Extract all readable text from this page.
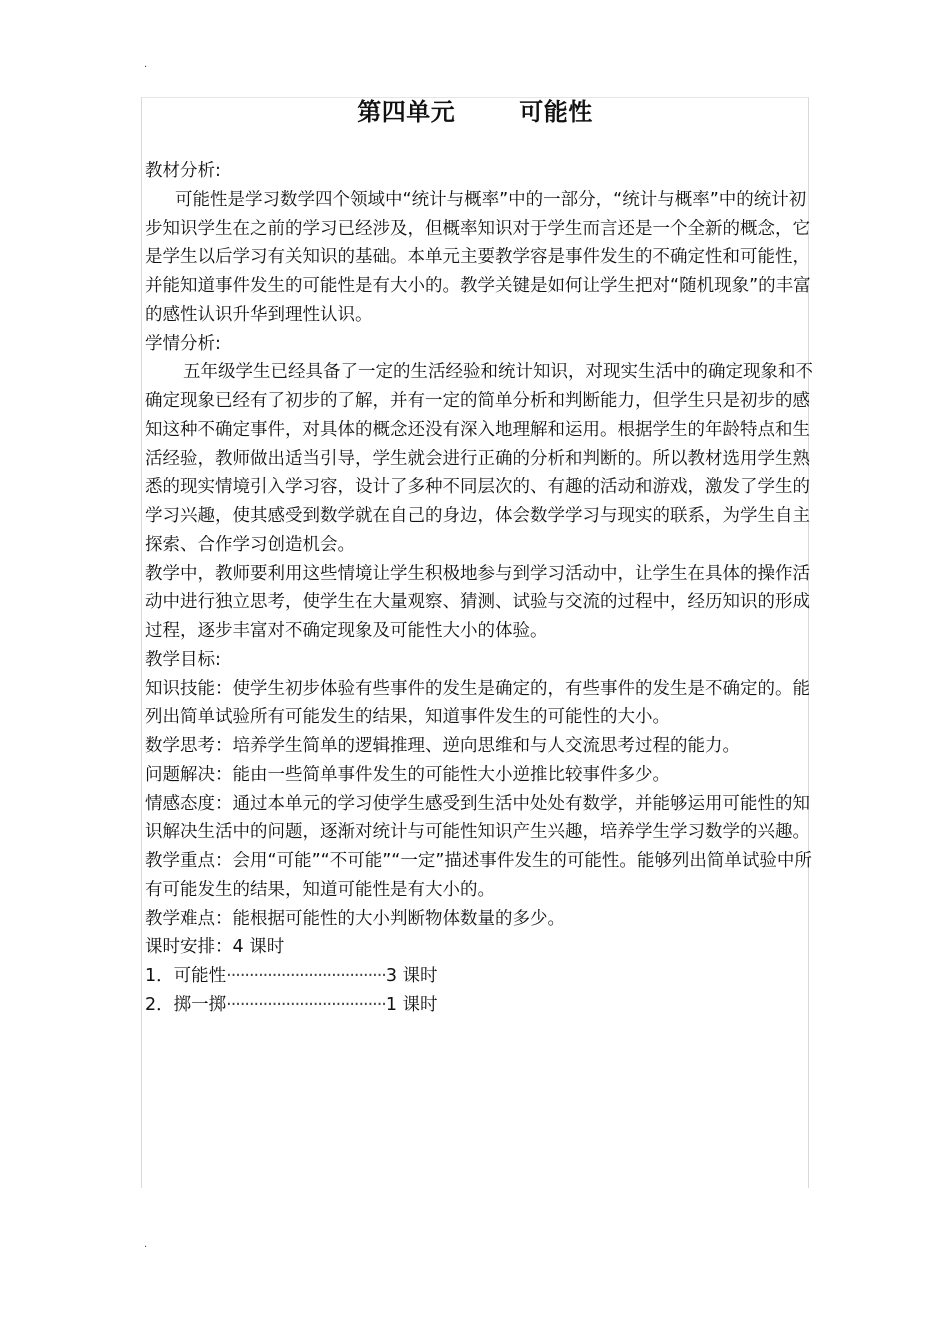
.
第四单元	可能性

教材分析:

可能性是学习数学四个领域中“统计与概率”中的一部分，“统计与概率”中的统计初步知识学生在之前的学习已经涉及，但概率知识对于学生而言还是一个全新的概念，它是学生以后学习有关知识的基础。本单元主要教学容是事件发生的不确定性和可能性，并能知道事件发生的可能性是有大小的。教学关键是如何让学生把对“随机现象”的丰富的感性认识升华到理性认识。

学情分析:

五年级学生已经具备了一定的生活经验和统计知识，对现实生活中的确定现象和不确定现象已经有了初步的了解，并有一定的简单分析和判断能力，但学生只是初步的感知这种不确定事件，对具体的概念还没有深入地理解和运用。根据学生的年龄特点和生活经验，教师做出适当引导，学生就会进行正确的分析和判断的。所以教材选用学生熟悉的现实情境引入学习容，设计了多种不同层次的、有趣的活动和游戏，激发了学生的学习兴趣，使其感受到数学就在自己的身边，体会数学学习与现实的联系，为学生自主探索、合作学习创造机会。

教学中，教师要利用这些情境让学生积极地参与到学习活动中，让学生在具体的操作活动中进行独立思考，使学生在大量观察、猜测、试验与交流的过程中，经历知识的形成过程，逐步丰富对不确定现象及可能性大小的体验。

教学目标:

知识技能：使学生初步体验有些事件的发生是确定的，有些事件的发生是不确定的。能列出简单试验所有可能发生的结果，知道事件发生的可能性的大小。

数学思考：培养学生简单的逻辑推理、逆向思维和与人交流思考过程的能力。

问题解决：能由一些简单事件发生的可能性大小逆推比较事件多少。

情感态度：通过本单元的学习使学生感受到生活中处处有数学，并能够运用可能性的知识解决生活中的问题，逐渐对统计与可能性知识产生兴趣，培养学生学习数学的兴趣。

教学重点：会用“可能”“不可能”“一定”描述事件发生的可能性。能够列出简单试验中所有可能发生的结果，知道可能性是有大小的。

教学难点：能根据可能性的大小判断物体数量的多少。

课时安排：4 课时

1．可能性···································3 课时

2．掷一掷···································1 课时

.
